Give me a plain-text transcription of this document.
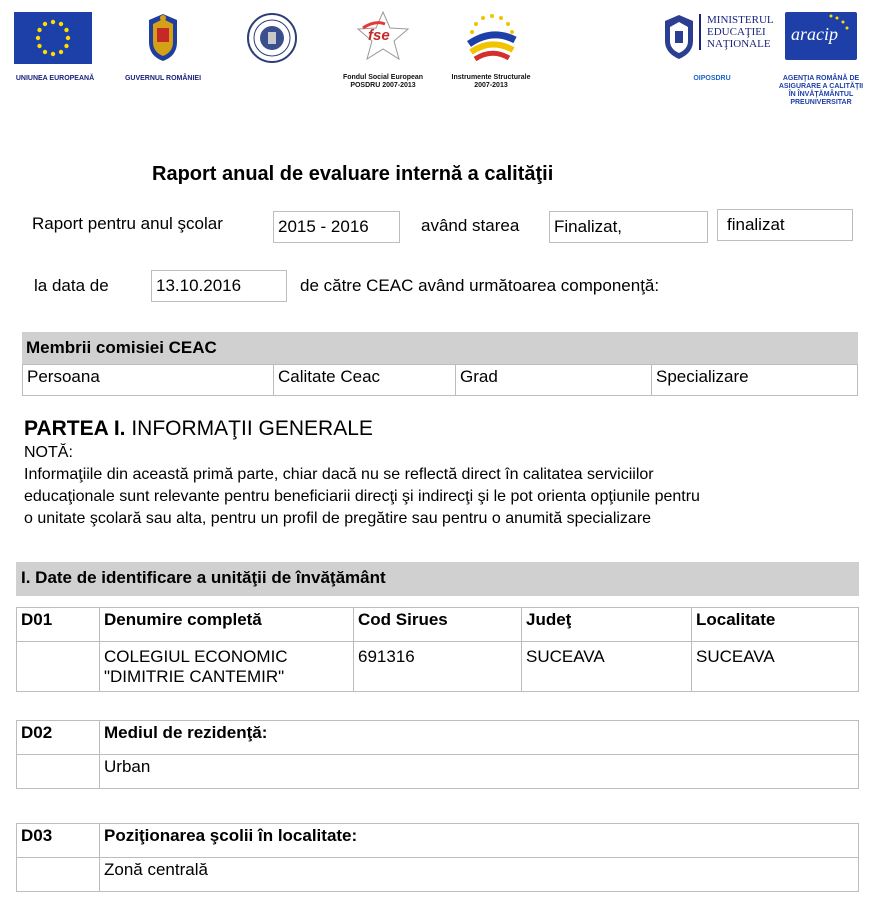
UNIUNEA EUROPEANĂ	GUVERNUL ROMÂNIEI
fse
Fondul Social European
POSDRU 2007-2013
Instrumente Structurale
2007-2013
MINISTERUL
EDUCAŢIEI
NAŢIONALE
OIPOSDRU
aracip
AGENŢIA ROMÂNĂ DE
ASIGURARE A CALITĂŢII
ÎN ÎNVĂŢĂMÂNTUL
PREUNIVERSITAR
Raport anual de evaluare internă a calităţii
Raport pentru anul şcolar	2015 - 2016	având starea Finalizat,	finalizat
la data de	13.10.2016	de către CEAC având următoarea componenţă:
Membrii comisiei CEAC
Persoana	Calitate Ceac	Grad	Specializare
PARTEA I. INFORMAŢII GENERALE
NOTĂ:
Informaţiile din această primă parte, chiar dacă nu se reflectă direct în calitatea serviciilor
educaţionale sunt relevante pentru beneficiarii direcţi şi indirecţi şi le pot orienta opţiunile pentru
o unitate şcolară sau alta, pentru un profil de pregătire sau pentru o anumită specializare
I. Date de identificare a unităţii de învăţământ
D01	Denumire completă	Cod Sirues	Judeţ	Localitate

	COLEGIUL ECONOMIC
"DIMITRIE CANTEMIR"	691316	SUCEAVA	SUCEAVA
D02	Mediul de rezidenţă:
	Urban
D03	Poziţionarea şcolii în localitate:
	Zonă centrală
